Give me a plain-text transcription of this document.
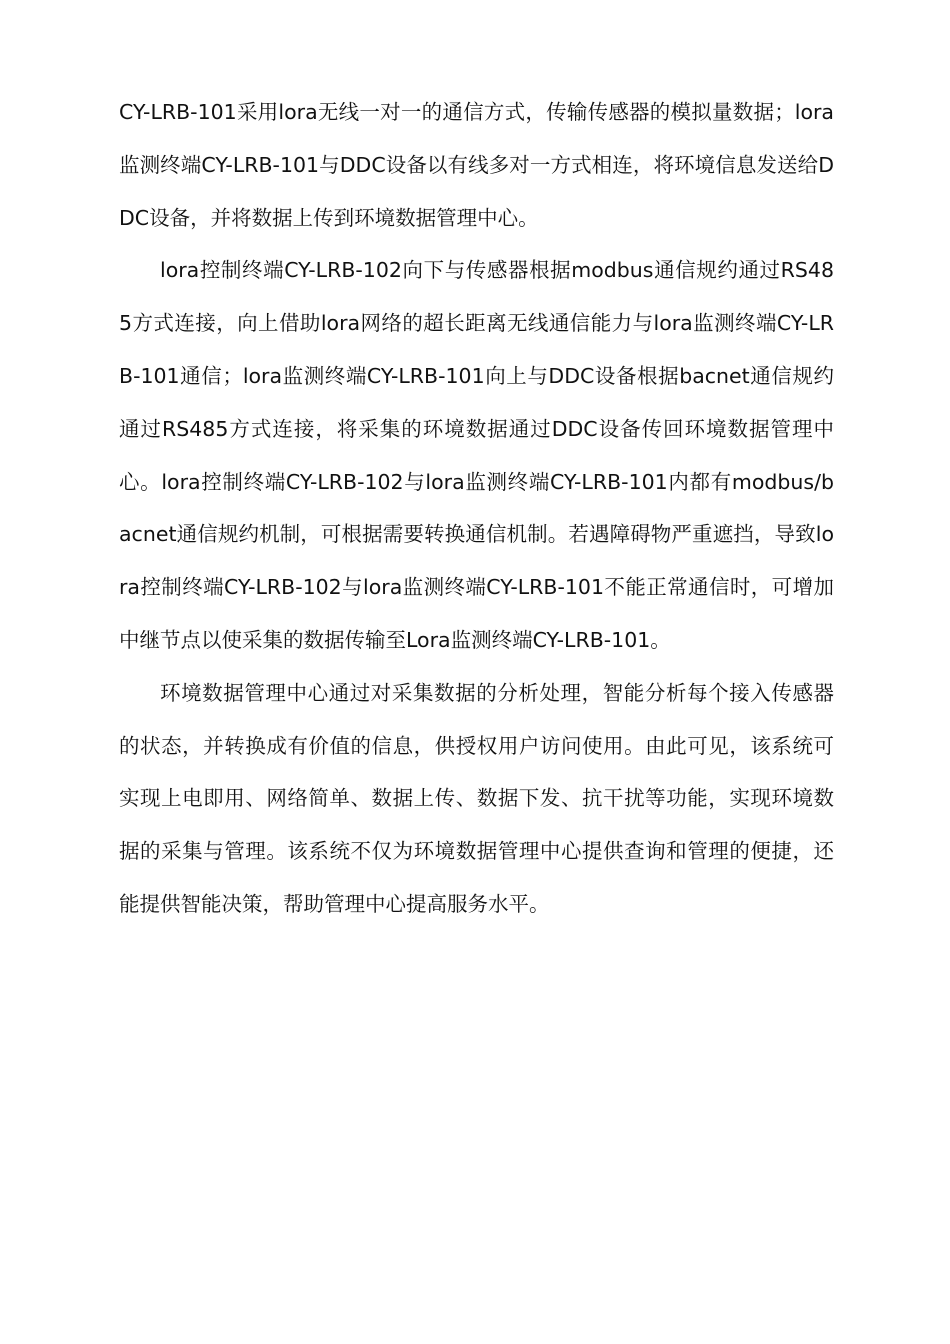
CY-LRB-101采用lora无线一对一的通信方式，传输传感器的模拟量数据；lora监测终端CY-LRB-101与DDC设备以有线多对一方式相连，将环境信息发送给DDC设备，并将数据上传到环境数据管理中心。

lora控制终端CY-LRB-102向下与传感器根据modbus通信规约通过RS485方式连接，向上借助lora网络的超长距离无线通信能力与lora监测终端CY-LRB-101通信；lora监测终端CY-LRB-101向上与DDC设备根据bacnet通信规约通过RS485方式连接，将采集的环境数据通过DDC设备传回环境数据管理中心。lora控制终端CY-LRB-102与lora监测终端CY-LRB-101内都有modbus/bacnet通信规约机制，可根据需要转换通信机制。若遇障碍物严重遮挡，导致lora控制终端CY-LRB-102与lora监测终端CY-LRB-101不能正常通信时，可增加中继节点以使采集的数据传输至Lora监测终端CY-LRB-101。

环境数据管理中心通过对采集数据的分析处理，智能分析每个接入传感器的状态，并转换成有价值的信息，供授权用户访问使用。由此可见，该系统可实现上电即用、网络简单、数据上传、数据下发、抗干扰等功能，实现环境数据的采集与管理。该系统不仅为环境数据管理中心提供查询和管理的便捷，还能提供智能决策，帮助管理中心提高服务水平。
